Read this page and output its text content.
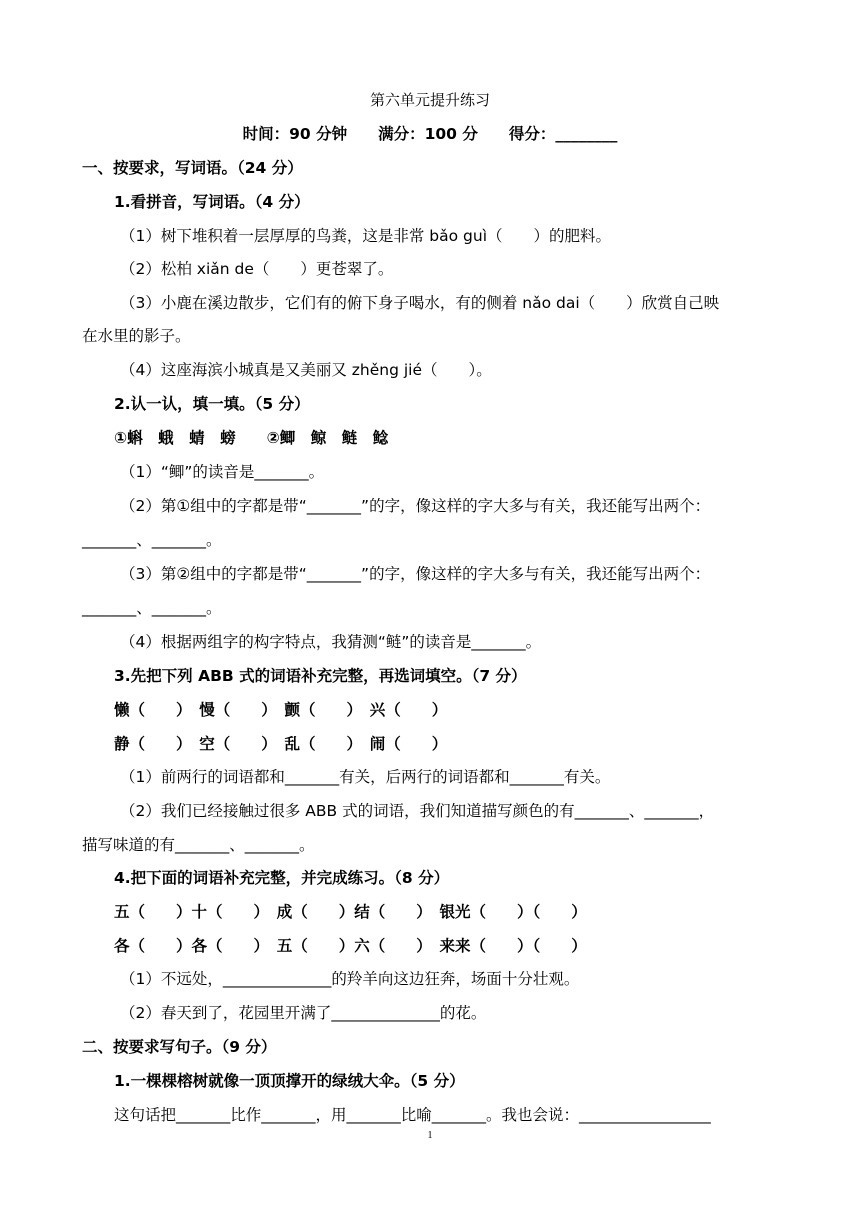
第六单元提升练习
时间：90 分钟　　满分：100 分　　得分：________
一、按要求，写词语。（24 分）
1.看拼音，写词语。（4 分）
（1）树下堆积着一层厚厚的鸟粪，这是非常 bǎo guì（　　）的肥料。
（2）松柏 xiǎn de（　　）更苍翠了。
（3）小鹿在溪边散步，它们有的俯下身子喝水，有的侧着 nǎo dai（　　）欣赏自己映
在水里的影子。
（4）这座海滨小城真是又美丽又 zhěng jié（　　）。
2.认一认，填一填。（5 分）
①蝌　蛾　蜻　螃　　②鲫　鲸　鲢　鲶
（1）“鲫”的读音是_______。
（2）第①组中的字都是带“_______”的字，像这样的字大多与有关，我还能写出两个：
_______、_______。
（3）第②组中的字都是带“_______”的字，像这样的字大多与有关，我还能写出两个：
_______、_______。
（4）根据两组字的构字特点，我猜测“鲢”的读音是_______。
3.先把下列 ABB 式的词语补充完整，再选词填空。（7 分）
懒（　　）　慢（　　）　颤（　　）　兴（　　）
静（　　）　空（　　）　乱（　　）　闹（　　）
（1）前两行的词语都和_______有关，后两行的词语都和_______有关。
（2）我们已经接触过很多 ABB 式的词语，我们知道描写颜色的有_______、_______，
描写味道的有_______、_______。
4.把下面的词语补充完整，并完成练习。（8 分）
五（　　）十（　　）　成（　　）结（　　）　银光（　　）（　　）
各（　　）各（　　）　五（　　）六（　　）　来来（　　）（　　）
（1）不远处，______________的羚羊向这边狂奔，场面十分壮观。
（2）春天到了，花园里开满了______________的花。
二、按要求写句子。（9 分）
1.一棵棵榕树就像一顶顶撑开的绿绒大伞。（5 分）
这句话把_______比作_______，用_______比喻_______。我也会说：_________________
1
